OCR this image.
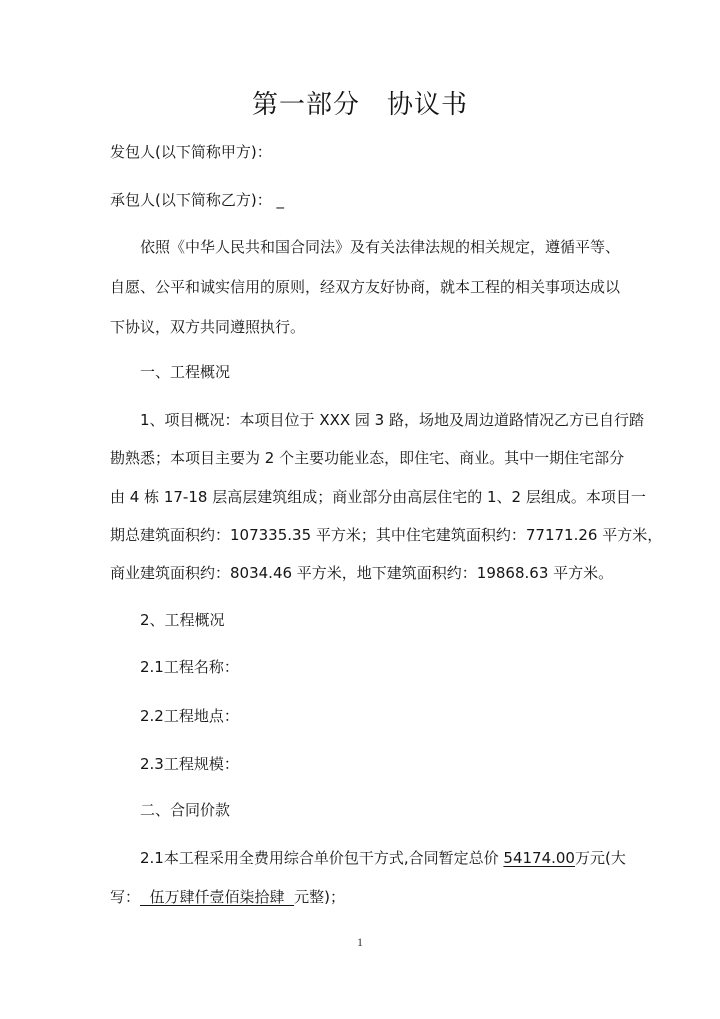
第一部分　协议书
发包人(以下简称甲方)：
承包人(以下简称乙方)： _
依照《中华人民共和国合同法》及有关法律法规的相关规定，遵循平等、
自愿、公平和诚实信用的原则，经双方友好协商，就本工程的相关事项达成以
下协议，双方共同遵照执行。
一、工程概况
1、项目概况：本项目位于 XXX 园 3 路，场地及周边道路情况乙方已自行踏
勘熟悉；本项目主要为 2 个主要功能业态，即住宅、商业。其中一期住宅部分
由 4 栋 17-18 层高层建筑组成；商业部分由高层住宅的 1、2 层组成。本项目一
期总建筑面积约：107335.35 平方米；其中住宅建筑面积约：77171.26 平方米，
商业建筑面积约：8034.46 平方米，地下建筑面积约：19868.63 平方米。
2、工程概况
2.1工程名称：
2.2工程地点：
2.3工程规模：
二、合同价款
2.1本工程采用全费用综合单价包干方式,合同暂定总价 54174.00万元(大
写：  伍万肆仟壹佰柒拾肆  元整)；
1
